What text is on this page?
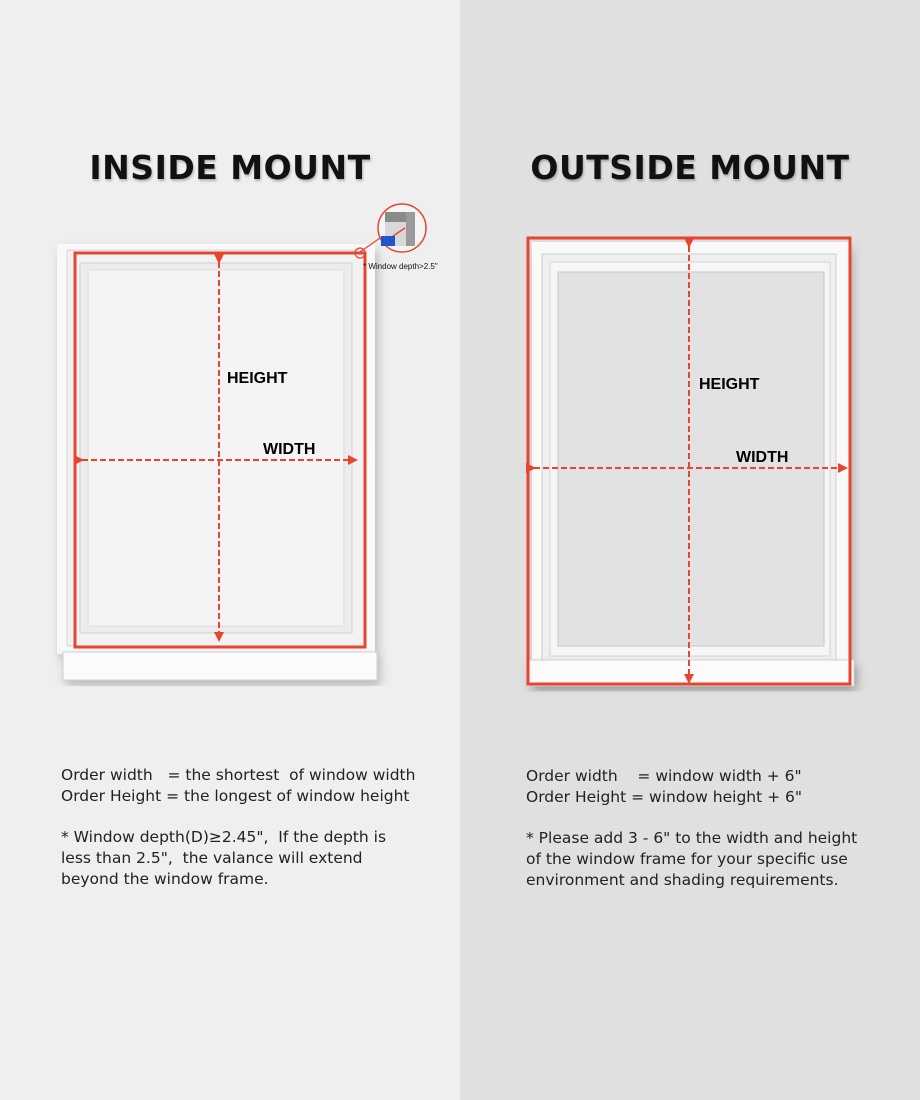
INSIDE MOUNT
HEIGHT
WIDTH
* Window depth>2.5"

Order width   = the shortest  of window width

Order Height = the longest of window height

* Window depth(D)≥2.45",  If the depth is

less than 2.5",  the valance will extend

beyond the window frame.

OUTSIDE MOUNT
HEIGHT
WIDTH

Order width    = window width + 6"

Order Height = window height + 6"

* Please add 3 - 6" to the width and height

of the window frame for your specific use

environment and shading requirements.
